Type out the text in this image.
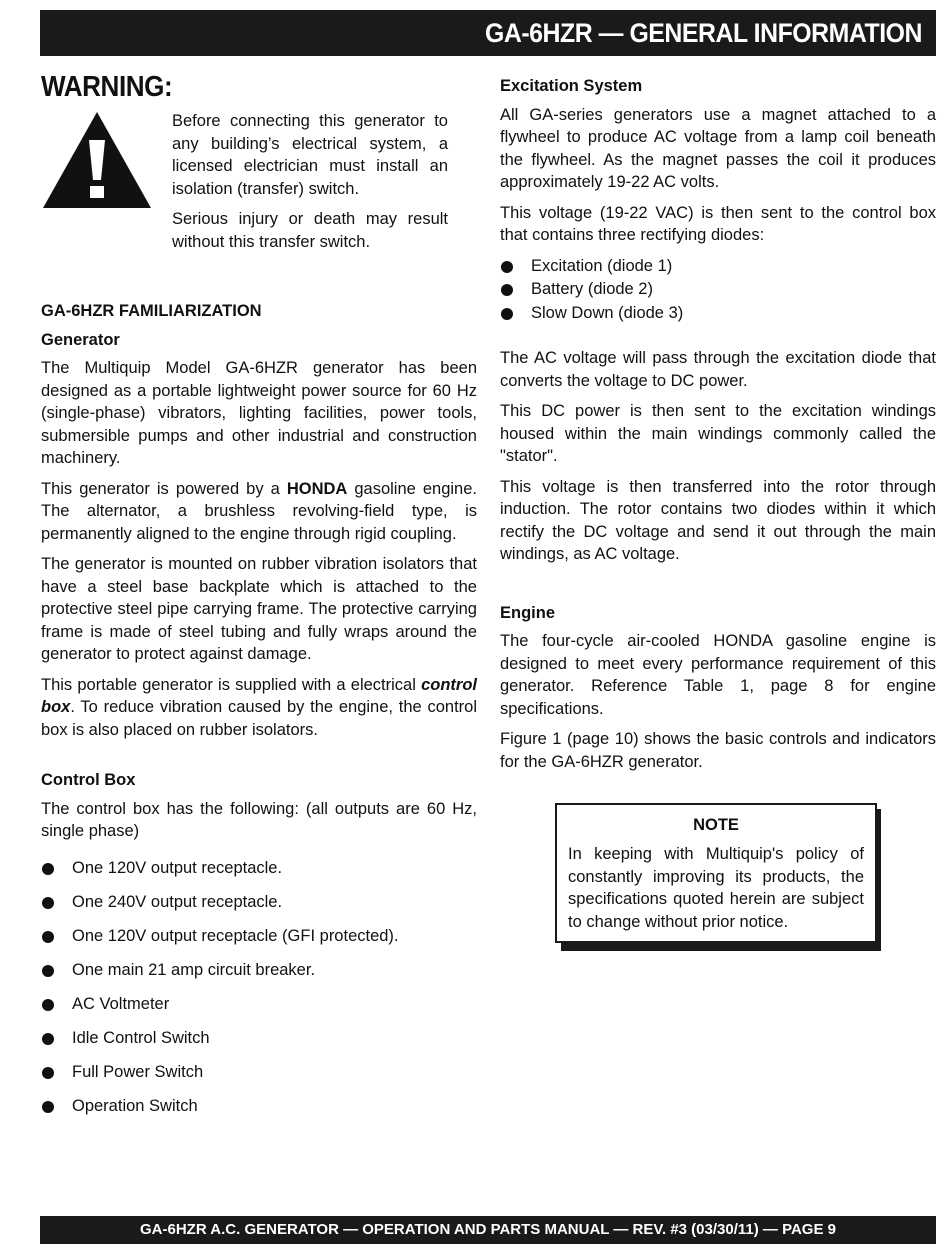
GA-6HZR — GENERAL INFORMATION
WARNING:

Before connecting this generator to any building’s electrical system, a licensed electrician must install an isolation (transfer) switch.

Serious injury or death may result without this transfer switch.

GA-6HZR FAMILIARIZATION
Generator

The Multiquip Model GA-6HZR generator has been designed as a portable lightweight power source for 60 Hz (single-phase) vibrators, lighting facilities, power tools, submersible pumps and other industrial and construction machinery.

This generator is powered by a HONDA gasoline engine. The alternator, a brushless revolving-field type, is permanently aligned to the engine through rigid coupling.

The generator is mounted on rubber vibration isolators that have a steel base backplate which is attached to the protective steel pipe carrying frame. The protective carrying frame is made of steel tubing and fully wraps around the generator to protect against damage.

This portable generator is supplied with a electrical control box. To reduce vibration caused by the engine, the control box is also placed on rubber isolators.

Control Box

The control box has the following: (all outputs are 60 Hz, single phase)

One 120V output receptacle.
One 240V output receptacle.
One 120V output receptacle (GFI protected).
One main 21 amp circuit breaker.
AC Voltmeter
Idle Control Switch
Full Power Switch
Operation Switch
Excitation System

All GA-series generators use a magnet attached to a flywheel to produce AC voltage from a lamp coil beneath the flywheel. As the magnet passes the coil it produces approximately 19-22 AC volts.

This voltage (19-22 VAC) is then sent to the control box that contains three rectifying diodes:

Excitation (diode 1)
Battery (diode 2)
Slow Down (diode 3)

The AC voltage will pass through the excitation diode that converts the voltage to DC power.

This DC power is then sent to the excitation windings housed within the main windings commonly called the "stator".

This voltage is then transferred into the rotor through induction. The rotor contains two diodes within it which rectify the DC voltage and send it out through the main windings, as AC voltage.

Engine

The four-cycle air-cooled HONDA gasoline engine is designed to meet every performance requirement of this generator. Reference Table 1, page 8 for engine specifications.

Figure 1 (page 10) shows the basic controls and indicators for the GA-6HZR generator.

NOTE
In keeping with Multiquip's policy of constantly improving its products, the specifications quoted herein are subject to change without prior notice.
GA-6HZR A.C. GENERATOR — OPERATION AND PARTS MANUAL — REV. #3 (03/30/11) — PAGE 9
